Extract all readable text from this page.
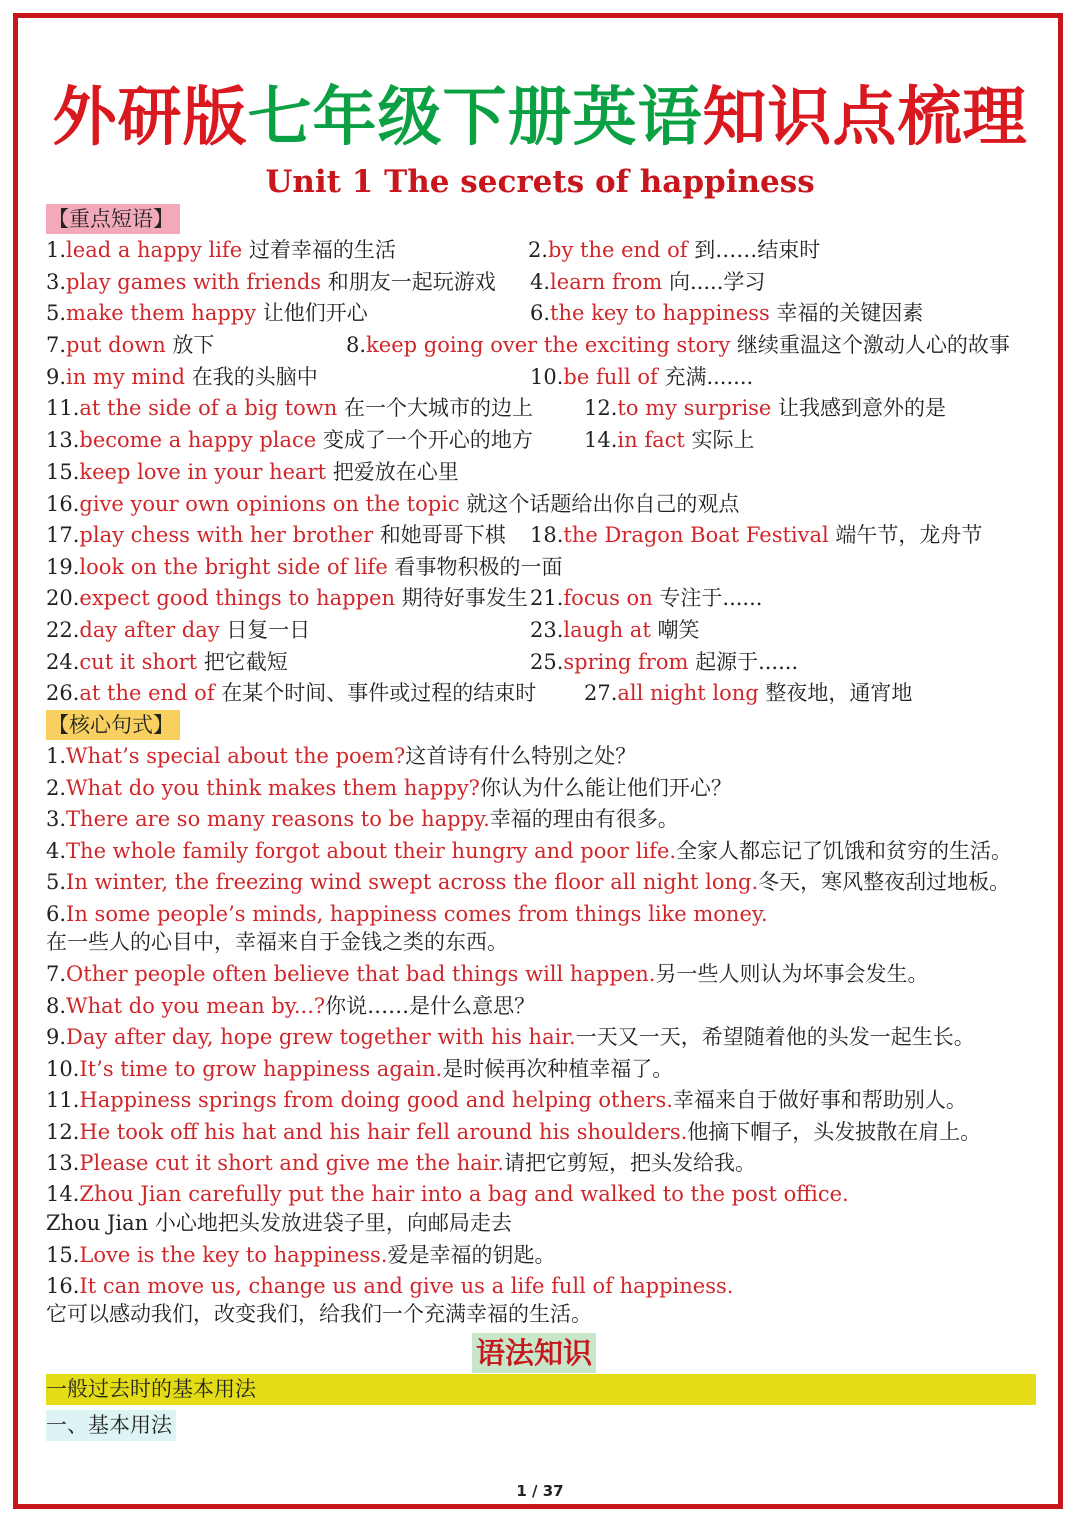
外研版七年级下册英语知识点梳理
Unit 1 The secrets of happiness
【重点短语】
1.lead a happy life 过着幸福的生活	2.by the end of 到……结束时
3.play games with friends 和朋友一起玩游戏 4.learn from 向.....学习
5.make them happy 让他们开心	6.the key to happiness 幸福的关键因素
7.put down 放下	8.keep going over the exciting story 继续重温这个激动人心的故事
9.in my mind 在我的头脑中	10.be full of 充满.......
11.at the side of a big town 在一个大城市的边上 12.to my surprise 让我感到意外的是
13.become a happy place 变成了一个开心的地方 14.in fact 实际上
15.keep love in your heart 把爱放在心里
16.give your own opinions on the topic 就这个话题给出你自己的观点
17.play chess with her brother 和她哥哥下棋 18.the Dragon Boat Festival 端午节，龙舟节
19.look on the bright side of life 看事物积极的一面
20.expect good things to happen 期待好事发生 21.focus on 专注于......
22.day after day 日复一日	23.laugh at 嘲笑
24.cut it short 把它截短	25.spring from 起源于......
26.at the end of 在某个时间、事件或过程的结束时 27.all night long 整夜地，通宵地
【核心句式】
1.What’s special about the poem?这首诗有什么特别之处？
2.What do you think makes them happy?你认为什么能让他们开心？
3.There are so many reasons to be happy.幸福的理由有很多。
4.The whole family forgot about their hungry and poor life.全家人都忘记了饥饿和贫穷的生活。
5.In winter, the freezing wind swept across the floor all night long.冬天，寒风整夜刮过地板。
6.In some people’s minds, happiness comes from things like money.
在一些人的心目中，幸福来自于金钱之类的东西。
7.Other people often believe that bad things will happen.另一些人则认为坏事会发生。
8.What do you mean by...?你说……是什么意思？
9.Day after day, hope grew together with his hair.一天又一天，希望随着他的头发一起生长。
10.It’s time to grow happiness again.是时候再次种植幸福了。
11.Happiness springs from doing good and helping others.幸福来自于做好事和帮助别人。
12.He took off his hat and his hair fell around his shoulders.他摘下帽子，头发披散在肩上。
13.Please cut it short and give me the hair.请把它剪短，把头发给我。
14.Zhou Jian carefully put the hair into a bag and walked to the post office.
Zhou Jian 小心地把头发放进袋子里，向邮局走去
15.Love is the key to happiness.爱是幸福的钥匙。
16.It can move us, change us and give us a life full of happiness.
它可以感动我们，改变我们，给我们一个充满幸福的生活。
语法知识
一般过去时的基本用法
一、基本用法
1 / 37
